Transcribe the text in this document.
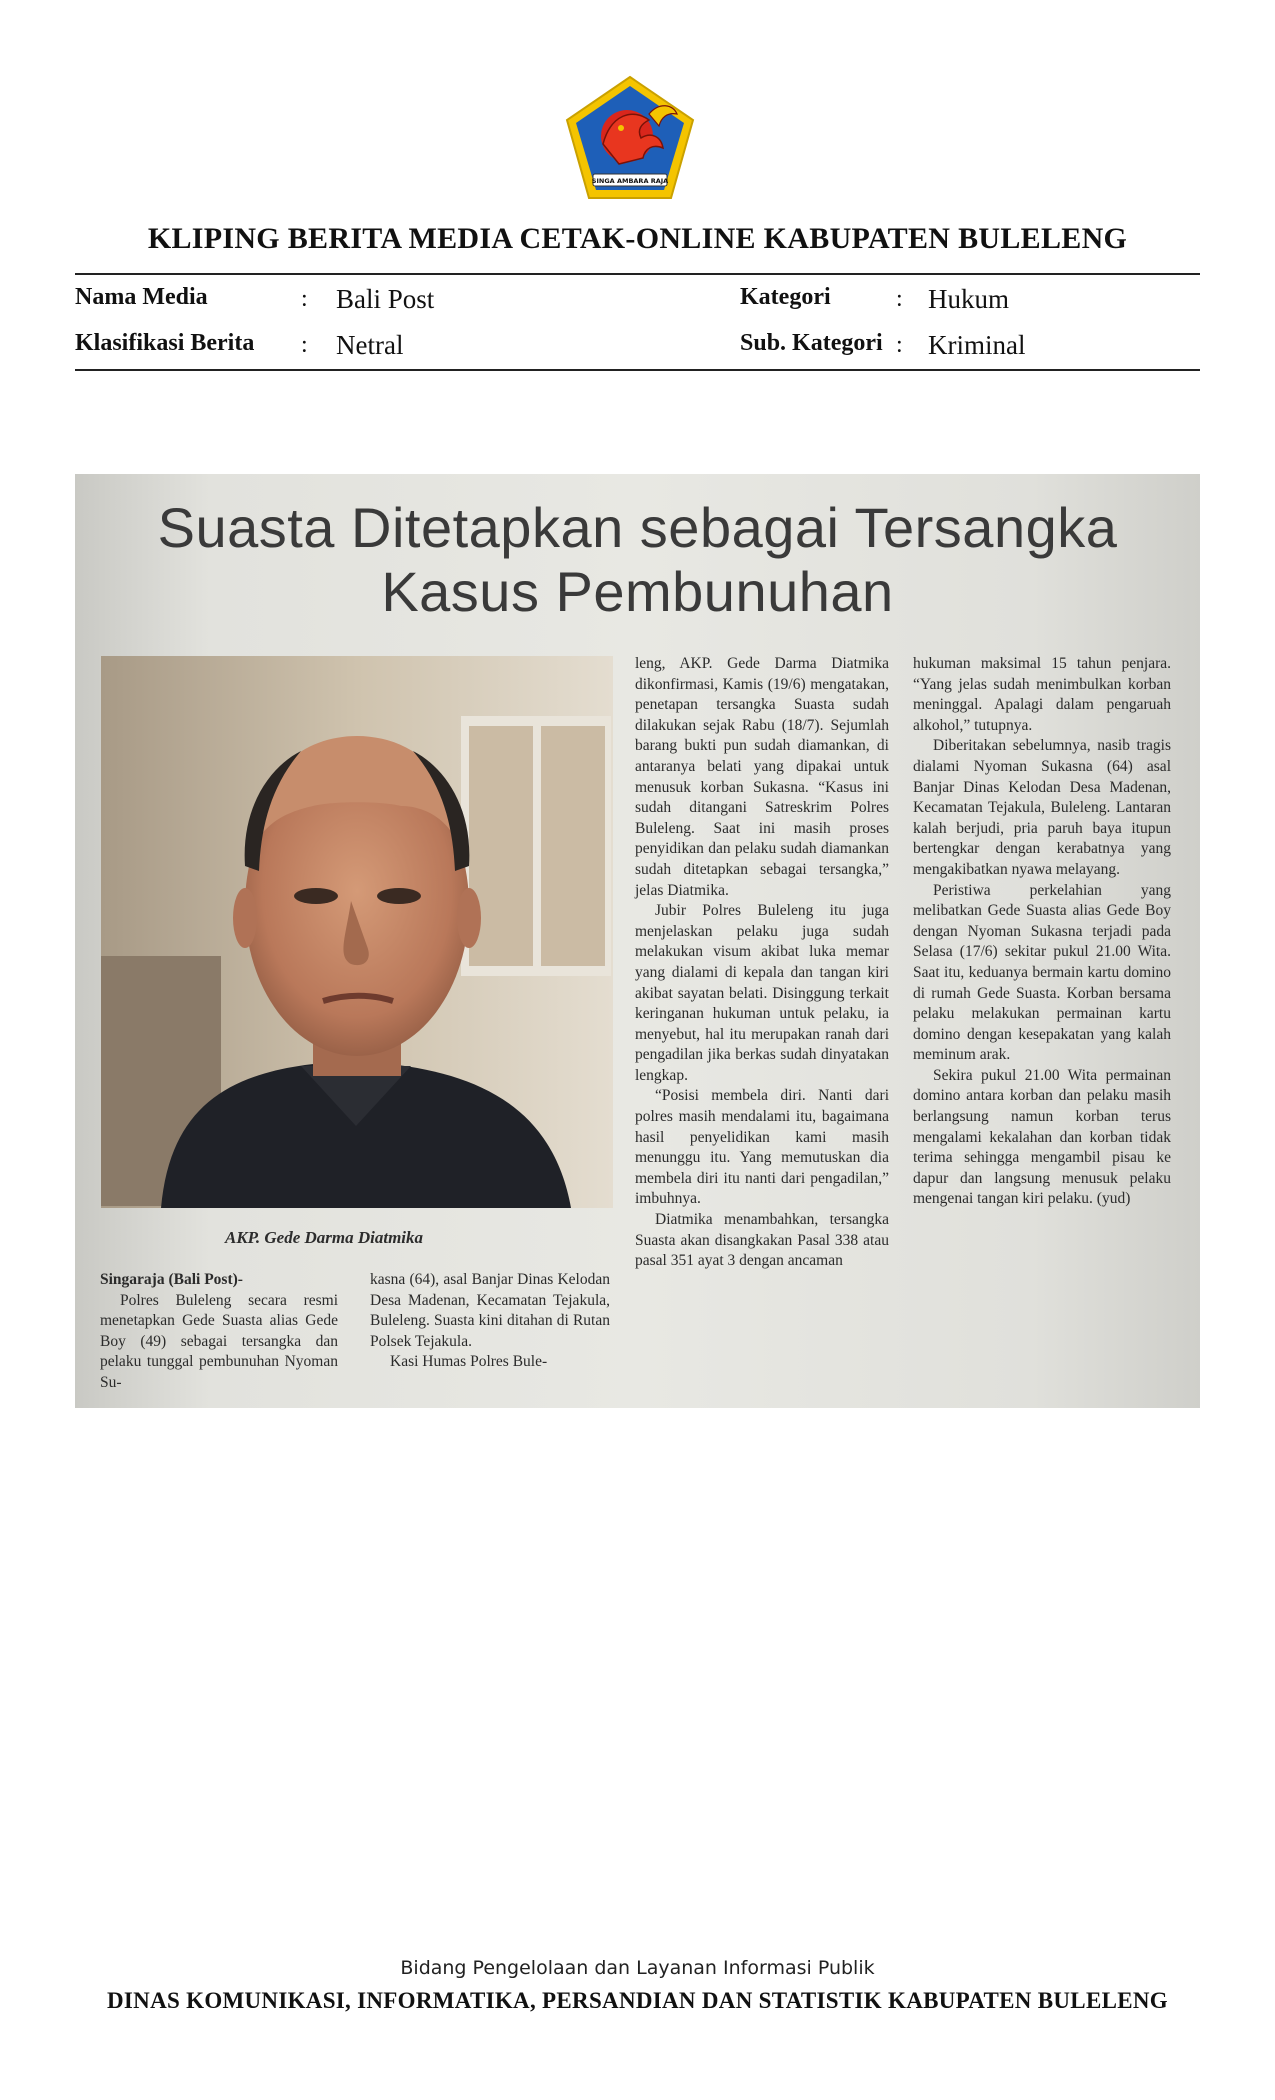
SINGA AMBARA RAJA
KLIPING BERITA MEDIA CETAK-ONLINE KABUPATEN BULELENG
Nama Media	: Bali Post	Kategori	: Hukum
Klasifikasi Berita : Netral	Sub. Kategori : Kriminal
Suasta Ditetapkan sebagai Tersangka
Kasus Pembunuhan
AKP. Gede Darma Diatmika

Singaraja (Bali Post)-

Polres Buleleng secara resmi menetapkan Gede Suasta alias Gede Boy (49) sebagai tersangka dan pelaku tunggal pembunuhan Nyoman Su-

kasna (64), asal Banjar Dinas Kelodan Desa Madenan, Kecamatan Tejakula, Buleleng. Suasta kini ditahan di Rutan Polsek Tejakula.

Kasi Humas Polres Bule-

leng, AKP. Gede Darma Diatmika dikonfirmasi, Kamis (19/6) mengatakan, penetapan tersangka Suasta sudah dilakukan sejak Rabu (18/7). Sejumlah barang bukti pun sudah diamankan, di antaranya belati yang dipakai untuk menusuk korban Sukasna. “Kasus ini sudah ditangani Satreskrim Polres Buleleng. Saat ini masih proses penyidikan dan pelaku sudah diamankan sudah ditetapkan sebagai tersangka,” jelas Diatmika.

Jubir Polres Buleleng itu juga menjelaskan pelaku juga sudah melakukan visum akibat luka memar yang dialami di kepala dan tangan kiri akibat sayatan belati. Disinggung terkait keringanan hukuman untuk pelaku, ia menyebut, hal itu merupakan ranah dari pengadilan jika berkas sudah dinyatakan lengkap.

“Posisi membela diri. Nanti dari polres masih mendalami itu, bagaimana hasil penyelidikan kami masih menunggu itu. Yang memutuskan dia membela diri itu nanti dari pengadilan,” imbuhnya.

Diatmika menambahkan, tersangka Suasta akan disangkakan Pasal 338 atau pasal 351 ayat 3 dengan ancaman

hukuman maksimal 15 tahun penjara. “Yang jelas sudah menimbulkan korban meninggal. Apalagi dalam pengaruah alkohol,” tutupnya.

Diberitakan sebelumnya, nasib tragis dialami Nyoman Sukasna (64) asal Banjar Dinas Kelodan Desa Madenan, Kecamatan Tejakula, Buleleng. Lantaran kalah berjudi, pria paruh baya itupun bertengkar dengan kerabatnya yang mengakibatkan nyawa melayang.

Peristiwa perkelahian yang melibatkan Gede Suasta alias Gede Boy dengan Nyoman Sukasna terjadi pada Selasa (17/6) sekitar pukul 21.00 Wita. Saat itu, keduanya bermain kartu domino di rumah Gede Suasta. Korban bersama pelaku melakukan permainan kartu domino dengan kesepakatan yang kalah meminum arak.

Sekira pukul 21.00 Wita permainan domino antara korban dan pelaku masih berlangsung namun korban terus mengalami kekalahan dan korban tidak terima sehingga mengambil pisau ke dapur dan langsung menusuk pelaku mengenai tangan kiri pelaku. (yud)

Bidang Pengelolaan dan Layanan Informasi Publik
DINAS KOMUNIKASI, INFORMATIKA, PERSANDIAN DAN STATISTIK KABUPATEN BULELENG
